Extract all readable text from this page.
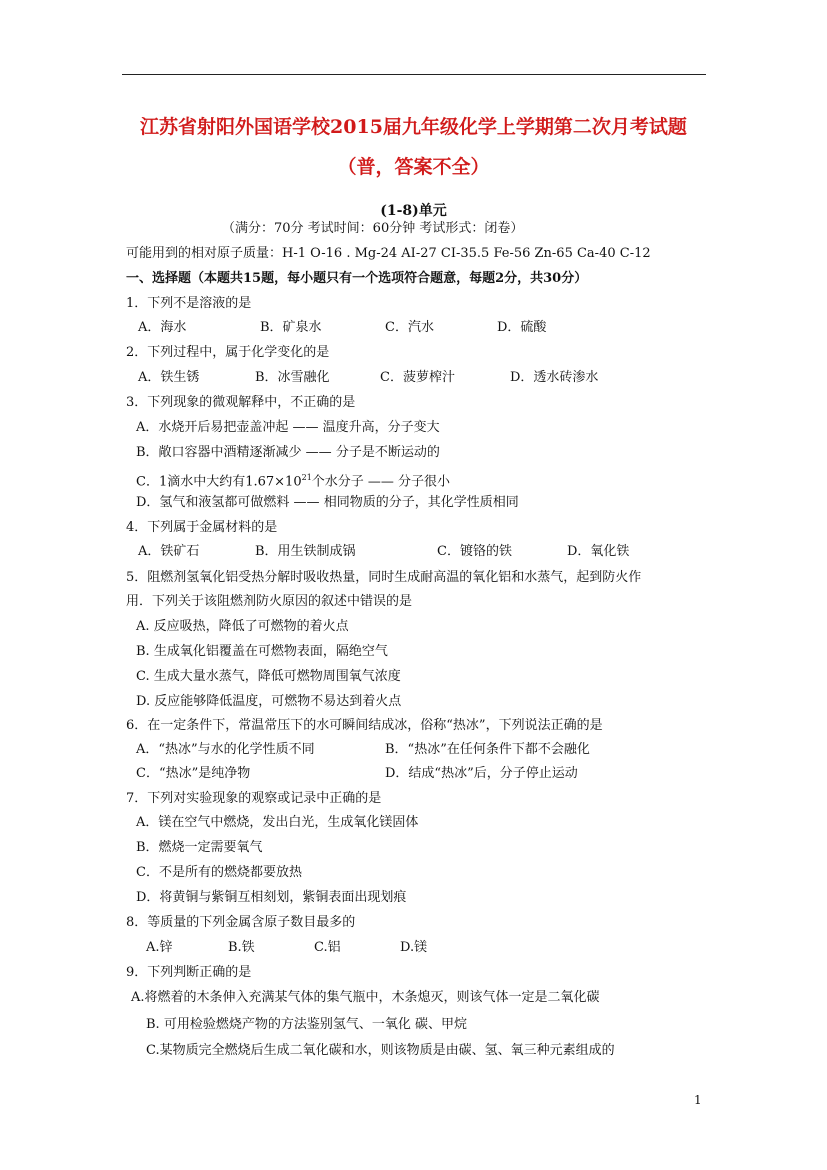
江苏省射阳外国语学校2015届九年级化学上学期第二次月考试题
（普，答案不全）
(1-8)单元
（满分：70分 考试时间：60分钟 考试形式：闭卷）
可能用到的相对原子质量：H-1 O-16 . Mg-24 AI-27 CI-35.5 Fe-56 Zn-65 Ca-40 C-12
一、选择题（本题共15题，每小题只有一个选项符合题意，每题2分，共30分）
1．下列不是溶液的是
A．海水	B．矿泉水	C．汽水	D．硫酸
2．下列过程中，属于化学变化的是
A．铁生锈	B．冰雪融化	C．菠萝榨汁	D．透水砖渗水
3．下列现象的微观解释中，不正确的是
A．水烧开后易把壶盖冲起 —— 温度升高，分子变大
B．敞口容器中酒精逐渐减少 —— 分子是不断运动的
C．1滴水中大约有$1.67\times 10^{21}$个水分子 —— 分子很小
D．氢气和液氢都可做燃料 —— 相同物质的分子，其化学性质相同
4．下列属于金属材料的是
A．铁矿石	B．用生铁制成锅	C．镀铬的铁	D．氧化铁
5．阻燃剂氢氧化铝受热分解时吸收热量，同时生成耐高温的氧化铝和水蒸气，起到防火作
用．下列关于该阻燃剂防火原因的叙述中错误的是
A. 反应吸热，降低了可燃物的着火点
B. 生成氧化铝覆盖在可燃物表面，隔绝空气
C. 生成大量水蒸气，降低可燃物周围氧气浓度
D. 反应能够降低温度，可燃物不易达到着火点
6．在一定条件下，常温常压下的水可瞬间结成冰，俗称“热冰”，下列说法正确的是
A．“热冰”与水的化学性质不同	B．“热冰”在任何条件下都不会融化
C．“热冰”是纯净物	D．结成“热冰”后，分子停止运动
7．下列对实验现象的观察或记录中正确的是
A．镁在空气中燃烧，发出白光，生成氧化镁固体
B．燃烧一定需要氧气
C．不是所有的燃烧都要放热
D．将黄铜与紫铜互相刻划，紫铜表面出现划痕
8．等质量的下列金属含原子数目最多的
A.锌	B.铁	C.铝	D.镁
9．下列判断正确的是
A.将燃着的木条伸入充满某气体的集气瓶中，木条熄灭，则该气体一定是二氧化碳
B. 可用检验燃烧产物的方法鉴别氢气、一氧化 碳、甲烷
C.某物质完全燃烧后生成二氧化碳和水，则该物质是由碳、氢、氧三种元素组成的
1
